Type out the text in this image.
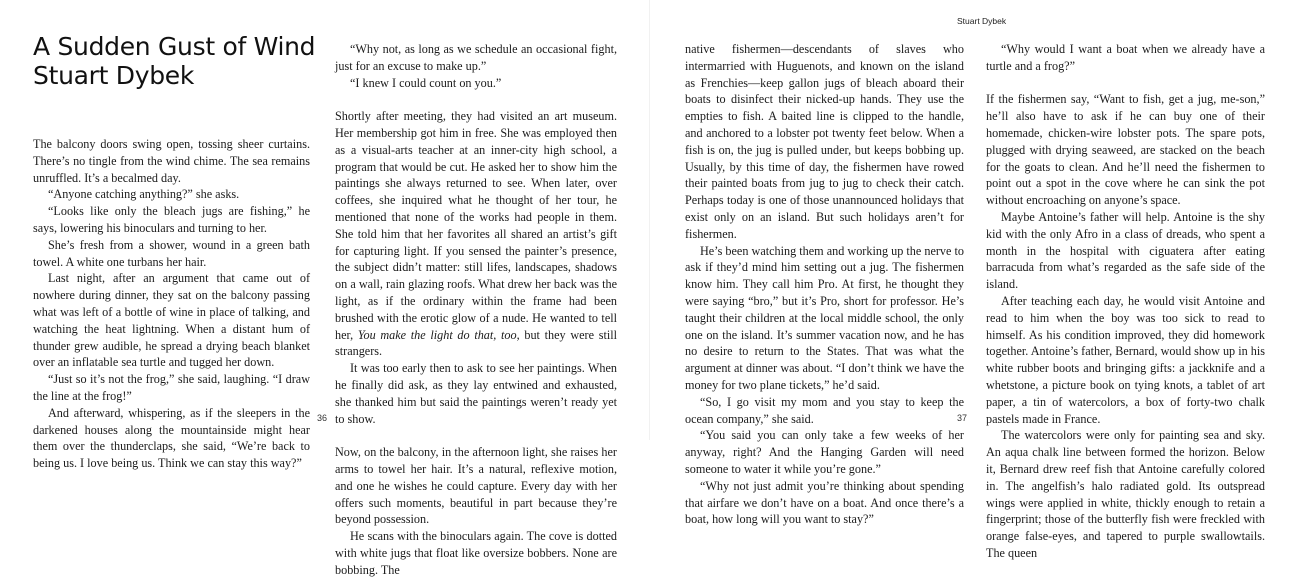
A Sudden Gust of Wind
Stuart Dybek

The balcony doors swing open, tossing sheer curtains. There’s no tingle from the wind chime. The sea remains unruffled. It’s a becalmed day.

“Anyone catching anything?” she asks.

“Looks like only the bleach jugs are fishing,” he says, lowering his binoculars and turning to her.

She’s fresh from a shower, wound in a green bath towel. A white one turbans her hair.

Last night, after an argument that came out of nowhere during dinner, they sat on the balcony passing what was left of a bottle of wine in place of talking, and watching the heat lightning. When a distant hum of thunder grew audible, he spread a drying beach blanket over an inflatable sea turtle and tugged her down.

“Just so it’s not the frog,” she said, laughing. “I draw the line at the frog!”

And afterward, whispering, as if the sleepers in the darkened houses along the mountainside might hear them over the thunderclaps, she said, “We’re back to being us. I love being us. Think we can stay this way?”

“Why not, as long as we schedule an occasional fight, just for an excuse to make up.”

“I knew I could count on you.”

Shortly after meeting, they had visited an art museum. Her membership got him in free. She was employed then as a visual-arts teacher at an inner-city high school, a program that would be cut. He asked her to show him the paintings she always returned to see. When later, over coffees, she inquired what he thought of her tour, he mentioned that none of the works had people in them. She told him that her favorites all shared an artist’s gift for capturing light. If you sensed the painter’s presence, the subject didn’t matter: still lifes, landscapes, shadows on a wall, rain glazing roofs. What drew her back was the light, as if the ordinary within the frame had been brushed with the erotic glow of a nude. He wanted to tell her, You make the light do that, too, but they were still strangers.

It was too early then to ask to see her paintings. When he finally did ask, as they lay entwined and exhausted, she thanked him but said the paintings weren’t ready yet to show.

Now, on the balcony, in the afternoon light, she raises her arms to towel her hair. It’s a natural, reflexive motion, and one he wishes he could capture. Every day with her offers such moments, beautiful in part because they’re beyond possession.

He scans with the binoculars again. The cove is dotted with white jugs that float like oversize bobbers. None are bobbing. The

36

native fishermen—descendants of slaves who intermarried with Huguenots, and known on the island as Frenchies—keep gallon jugs of bleach aboard their boats to disinfect their nicked-up hands. They use the empties to fish. A baited line is clipped to the handle, and anchored to a lobster pot twenty feet below. When a fish is on, the jug is pulled under, but keeps bobbing up. Usually, by this time of day, the fishermen have rowed their painted boats from jug to jug to check their catch. Perhaps today is one of those unannounced holidays that exist only on an island. But such holidays aren’t for fishermen.

He’s been watching them and working up the nerve to ask if they’d mind him setting out a jug. The fishermen know him. They call him Pro. At first, he thought they were saying “bro,” but it’s Pro, short for professor. He’s taught their children at the local middle school, the only one on the island. It’s summer vacation now, and he has no desire to return to the States. That was what the argument at dinner was about. “I don’t think we have the money for two plane tickets,” he’d said.

“So, I go visit my mom and you stay to keep the ocean company,” she said.

“You said you can only take a few weeks of her anyway, right? And the Hanging Garden will need someone to water it while you’re gone.”

“Why not just admit you’re thinking about spending that airfare we don’t have on a boat. And once there’s a boat, how long will you want to stay?”

“Why would I want a boat when we already have a turtle and a frog?”

If the fishermen say, “Want to fish, get a jug, me-son,” he’ll also have to ask if he can buy one of their homemade, chicken-wire lobster pots. The spare pots, plugged with drying seaweed, are stacked on the beach for the goats to clean. And he’ll need the fishermen to point out a spot in the cove where he can sink the pot without encroaching on anyone’s space.

Maybe Antoine’s father will help. Antoine is the shy kid with the only Afro in a class of dreads, who spent a month in the hospital with ciguatera after eating barracuda from what’s regarded as the safe side of the island.

After teaching each day, he would visit Antoine and read to him when the boy was too sick to read to himself. As his condition improved, they did homework together. Antoine’s father, Bernard, would show up in his white rubber boots and bringing gifts: a jackknife and a whetstone, a picture book on tying knots, a tablet of art paper, a tin of watercolors, a box of forty-two chalk pastels made in France.

The watercolors were only for painting sea and sky. An aqua chalk line between formed the horizon. Below it, Bernard drew reef fish that Antoine carefully colored in. The angelfish’s halo radiated gold. Its outspread wings were applied in white, thickly enough to retain a fingerprint; those of the butterfly fish were freckled with orange false-eyes, and tapered to purple swallowtails. The queen

37
Stuart Dybek
